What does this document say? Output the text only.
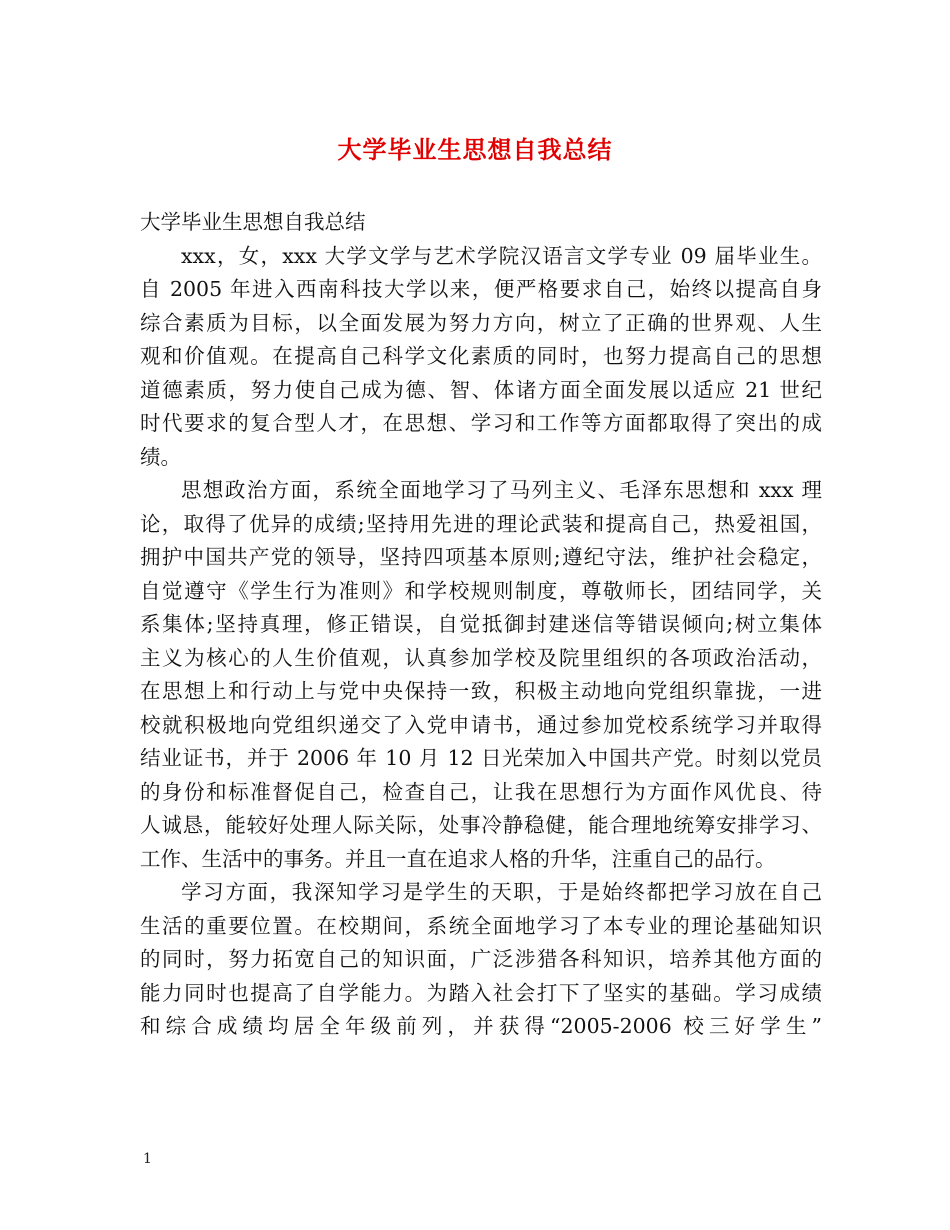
大学毕业生思想自我总结

大学毕业生思想自我总结

xxx，女，xxx 大学文学与艺术学院汉语言文学专业 09 届毕业生。
自 2005 年进入西南科技大学以来，便严格要求自己，始终以提高自身
综合素质为目标，以全面发展为努力方向，树立了正确的世界观、人生
观和价值观。在提高自己科学文化素质的同时，也努力提高自己的思想
道德素质，努力使自己成为德、智、体诸方面全面发展以适应 21 世纪
时代要求的复合型人才，在思想、学习和工作等方面都取得了突出的成
绩。

思想政治方面，系统全面地学习了马列主义、毛泽东思想和 xxx 理
论，取得了优异的成绩;坚持用先进的理论武装和提高自己，热爱祖国，
拥护中国共产党的领导，坚持四项基本原则;遵纪守法，维护社会稳定，
自觉遵守《学生行为准则》和学校规则制度，尊敬师长，团结同学，关
系集体;坚持真理，修正错误，自觉抵御封建迷信等错误倾向;树立集体
主义为核心的人生价值观，认真参加学校及院里组织的各项政治活动，
在思想上和行动上与党中央保持一致，积极主动地向党组织靠拢，一进
校就积极地向党组织递交了入党申请书，通过参加党校系统学习并取得
结业证书，并于 2006 年 10 月 12 日光荣加入中国共产党。时刻以党员
的身份和标准督促自己，检查自己，让我在思想行为方面作风优良、待
人诚恳，能较好处理人际关际，处事冷静稳健，能合理地统筹安排学习、
工作、生活中的事务。并且一直在追求人格的升华，注重自己的品行。

学习方面，我深知学习是学生的天职，于是始终都把学习放在自己
生活的重要位置。在校期间，系统全面地学习了本专业的理论基础知识
的同时，努力拓宽自己的知识面，广泛涉猎各科知识，培养其他方面的
能力同时也提高了自学能力。为踏入社会打下了坚实的基础。学习成绩
和综合成绩均居全年级前列，并获得“2005-2006 校三好学生”

1
